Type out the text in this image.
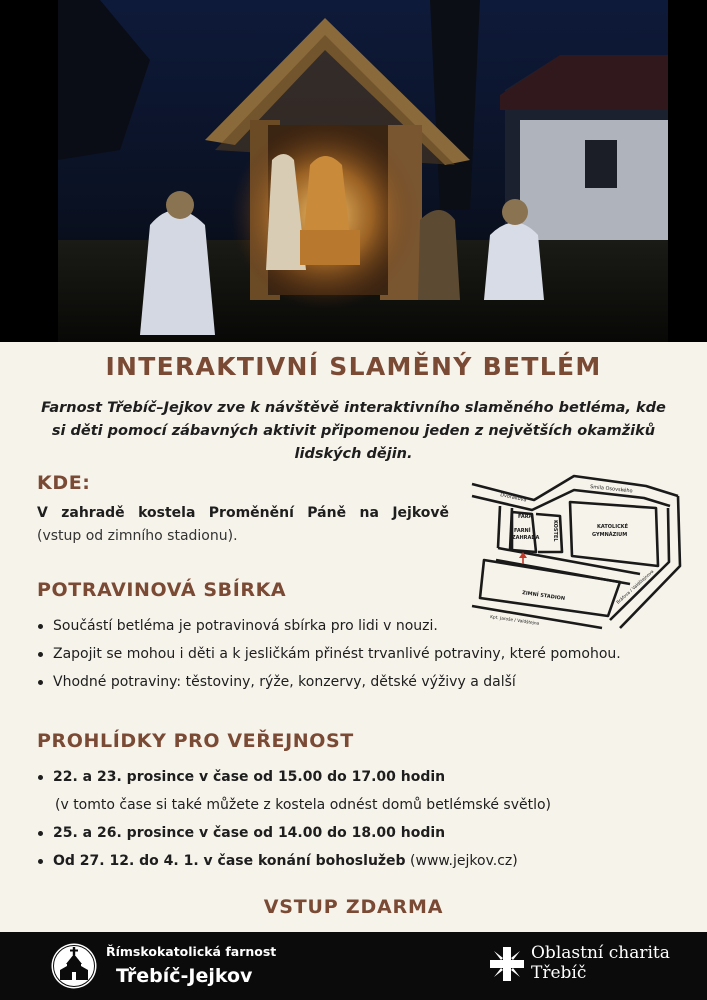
INTERAKTIVNÍ SLAMĚNÝ BETLÉM
Farnost Třebíč–Jejkov zve k návštěvě interaktivního slaměného betléma, kde si děti pomocí zábavných aktivit připomenou jeden z největších okamžiků lidských dějin.
KDE:
V zahradě kostela Proměnění Páně na Jejkově
(vstup od zimního stadionu).
Dvořákova
Smila Osovského
FARA
KOSTEL
FARNÍ
ZAHRADA
KATOLICKÉ
GYMNÁZIUM
ZIMNÍ STADION
Kpt. Jaroše / Valdštejna
Bráfova / Valdštejnova
POTRAVINOVÁ SBÍRKA
Součástí betléma je potravinová sbírka pro lidi v nouzi.
Zapojit se mohou i děti a k jesličkám přinést trvanlivé potraviny, které pomohou.
Vhodné potraviny: těstoviny, rýže, konzervy, dětské výživy a další
PROHLÍDKY PRO VEŘEJNOST
22. a 23. prosince v čase od 15.00 do 17.00 hodin
(v tomto čase si také můžete z kostela odnést domů betlémské světlo)
25. a 26. prosince v čase od 14.00 do 18.00 hodin
Od 27. 12. do 4. 1. v čase konání bohoslužeb (www.jejkov.cz)
VSTUP ZDARMA
Římskokatolická farnost
Třebíč-Jejkov
Oblastní charita
Třebíč
